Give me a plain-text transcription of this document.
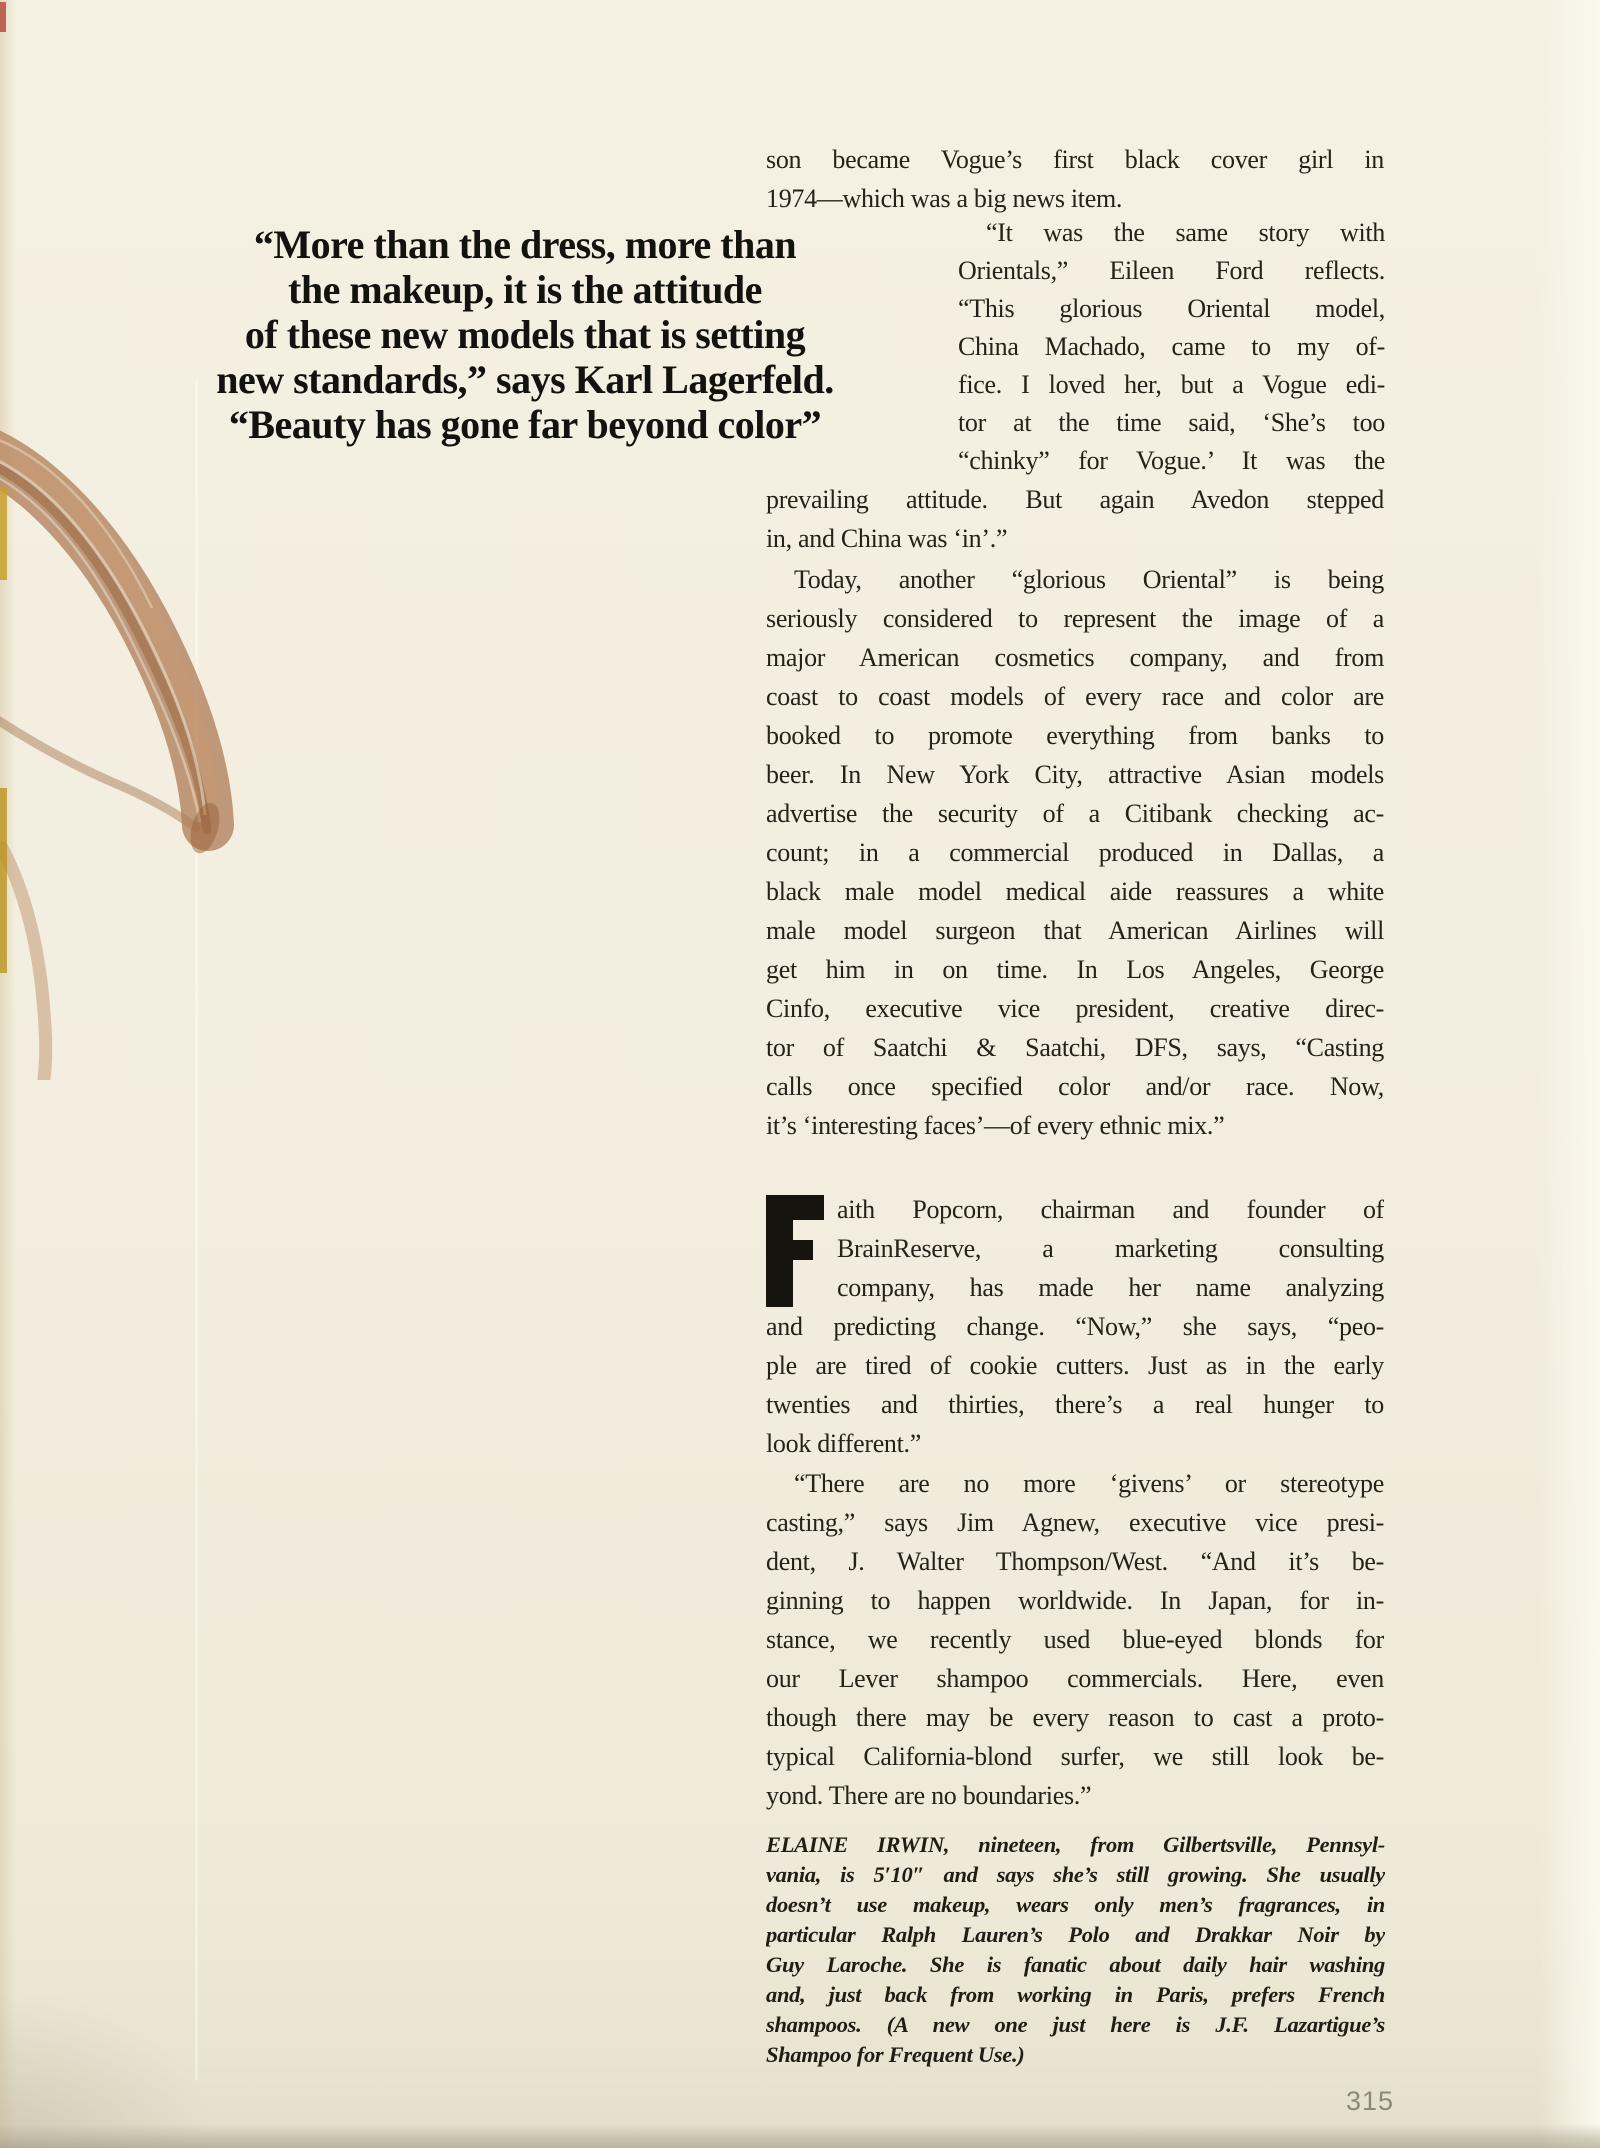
“More than the dress, more than
the makeup, it is the attitude
of these new models that is setting
new standards,” says Karl Lagerfeld.
“Beauty has gone far beyond color”
son became Vogue’s first black cover girl in
1974—which was a big news item.
“It was the same story with
Orientals,” Eileen Ford reflects.
“This glorious Oriental model,
China Machado, came to my of-
fice. I loved her, but a Vogue edi-
tor at the time said, ‘She’s too
“chinky” for Vogue.’ It was the
prevailing attitude. But again Avedon stepped
in, and China was ‘in’.”
Today, another “glorious Oriental” is being
seriously considered to represent the image of a
major American cosmetics company, and from
coast to coast models of every race and color are
booked to promote everything from banks to
beer. In New York City, attractive Asian models
advertise the security of a Citibank checking ac-
count; in a commercial produced in Dallas, a
black male model medical aide reassures a white
male model surgeon that American Airlines will
get him in on time. In Los Angeles, George
Cinfo, executive vice president, creative direc-
tor of Saatchi & Saatchi, DFS, says, “Casting
calls once specified color and/or race. Now,
it’s ‘interesting faces’—of every ethnic mix.”
aith Popcorn, chairman and founder of
BrainReserve, a marketing consulting
company, has made her name analyzing
and predicting change. “Now,” she says, “peo-
ple are tired of cookie cutters. Just as in the early
twenties and thirties, there’s a real hunger to
look different.”
“There are no more ‘givens’ or stereotype
casting,” says Jim Agnew, executive vice presi-
dent, J. Walter Thompson/West. “And it’s be-
ginning to happen worldwide. In Japan, for in-
stance, we recently used blue-eyed blonds for
our Lever shampoo commercials. Here, even
though there may be every reason to cast a proto-
typical California-blond surfer, we still look be-
yond. There are no boundaries.”
ELAINE IRWIN, nineteen, from Gilbertsville, Pennsyl-
vania, is 5′10″ and says she’s still growing. She usually
doesn’t use makeup, wears only men’s fragrances, in
particular Ralph Lauren’s Polo and Drakkar Noir by
Guy Laroche. She is fanatic about daily hair washing
and, just back from working in Paris, prefers French
shampoos. (A new one just here is J.F. Lazartigue’s
Shampoo for Frequent Use.)
315
